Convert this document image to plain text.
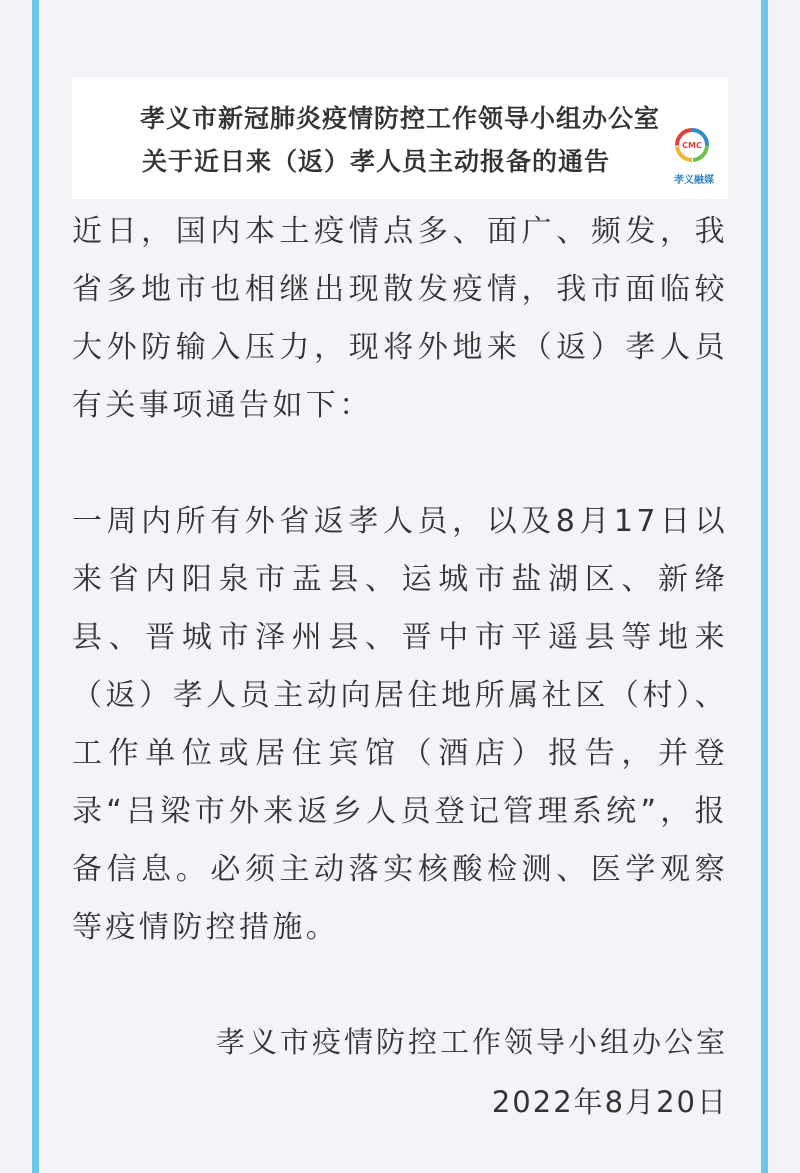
孝义市新冠肺炎疫情防控工作领导小组办公室
关于近日来（返）孝人员主动报备的通告
CMC
孝义融媒

近日，国内本土疫情点多、面广、频发，我省多地市也相继出现散发疫情，我市面临较大外防输入压力，现将外地来（返）孝人员有关事项通告如下：

一周内所有外省返孝人员，以及8月17日以来省内阳泉市盂县、运城市盐湖区、新绛县、晋城市泽州县、晋中市平遥县等地来（返）孝人员主动向居住地所属社区（村）、工作单位或居住宾馆（酒店）报告，并登录“吕梁市外来返乡人员登记管理系统”，报备信息。必须主动落实核酸检测、医学观察等疫情防控措施。

孝义市疫情防控工作领导小组办公室
2022年8月20日
